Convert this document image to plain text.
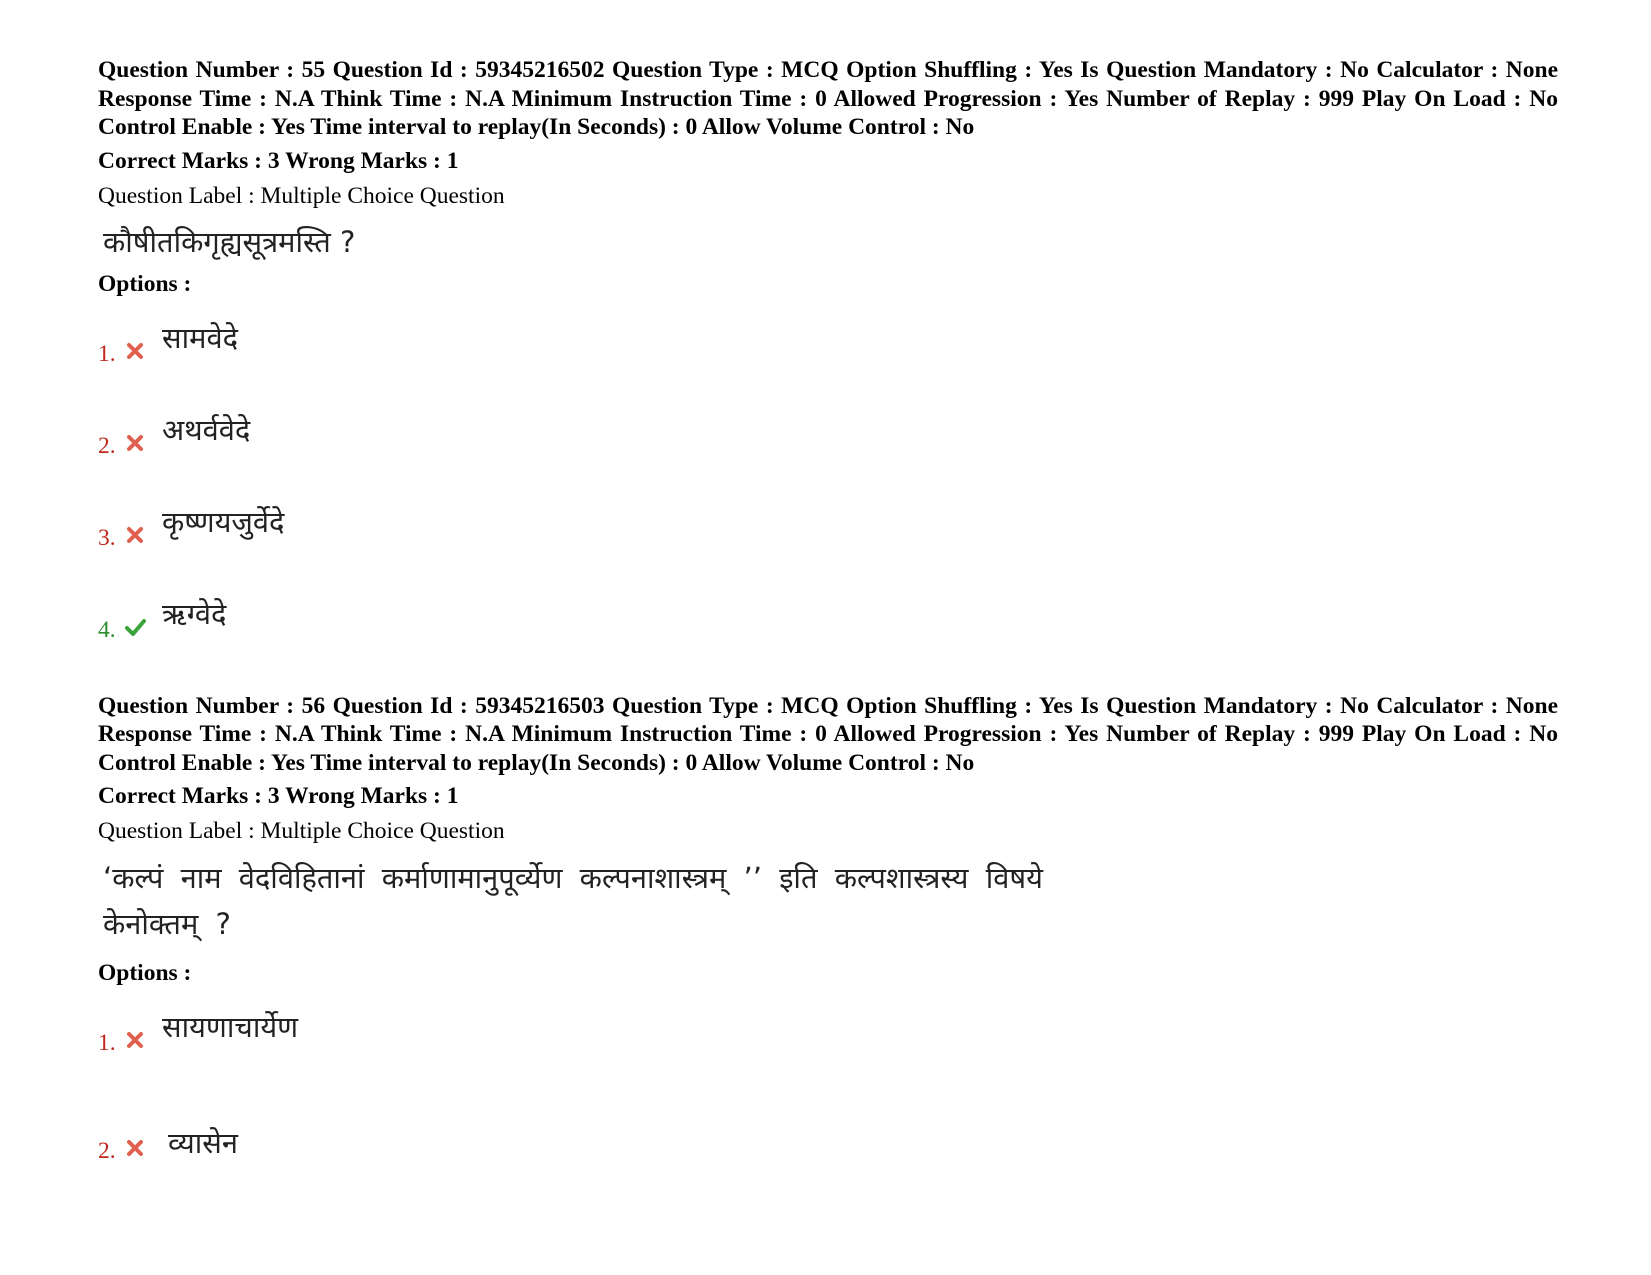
Question Number : 55 Question Id : 59345216502 Question Type : MCQ Option Shuffling : Yes Is Question Mandatory : No Calculator : None Response Time : N.A Think Time : N.A Minimum Instruction Time : 0 Allowed Progression : Yes Number of Replay : 999 Play On Load : No Control Enable : Yes Time interval to replay(In Seconds) : 0 Allow Volume Control : No

Correct Marks : 3 Wrong Marks : 1
Question Label : Multiple Choice Question
कौषीतकिगृह्यसूत्रमस्ति ?
Options :
1. सामवेदे
2. अथर्ववेदे
3. कृष्णयजुर्वेदे
4. ऋग्वेदे

Question Number : 56 Question Id : 59345216503 Question Type : MCQ Option Shuffling : Yes Is Question Mandatory : No Calculator : None Response Time : N.A Think Time : N.A Minimum Instruction Time : 0 Allowed Progression : Yes Number of Replay : 999 Play On Load : No Control Enable : Yes Time interval to replay(In Seconds) : 0 Allow Volume Control : No

Correct Marks : 3 Wrong Marks : 1
Question Label : Multiple Choice Question
‘कल्पं नाम वेदविहितानां कर्माणामानुपूर्व्येण कल्पनाशास्त्रम् ’’ इति कल्पशास्त्रस्य विषये केनोक्तम् ?
Options :
1. सायणाचार्येण
2. व्यासेन
